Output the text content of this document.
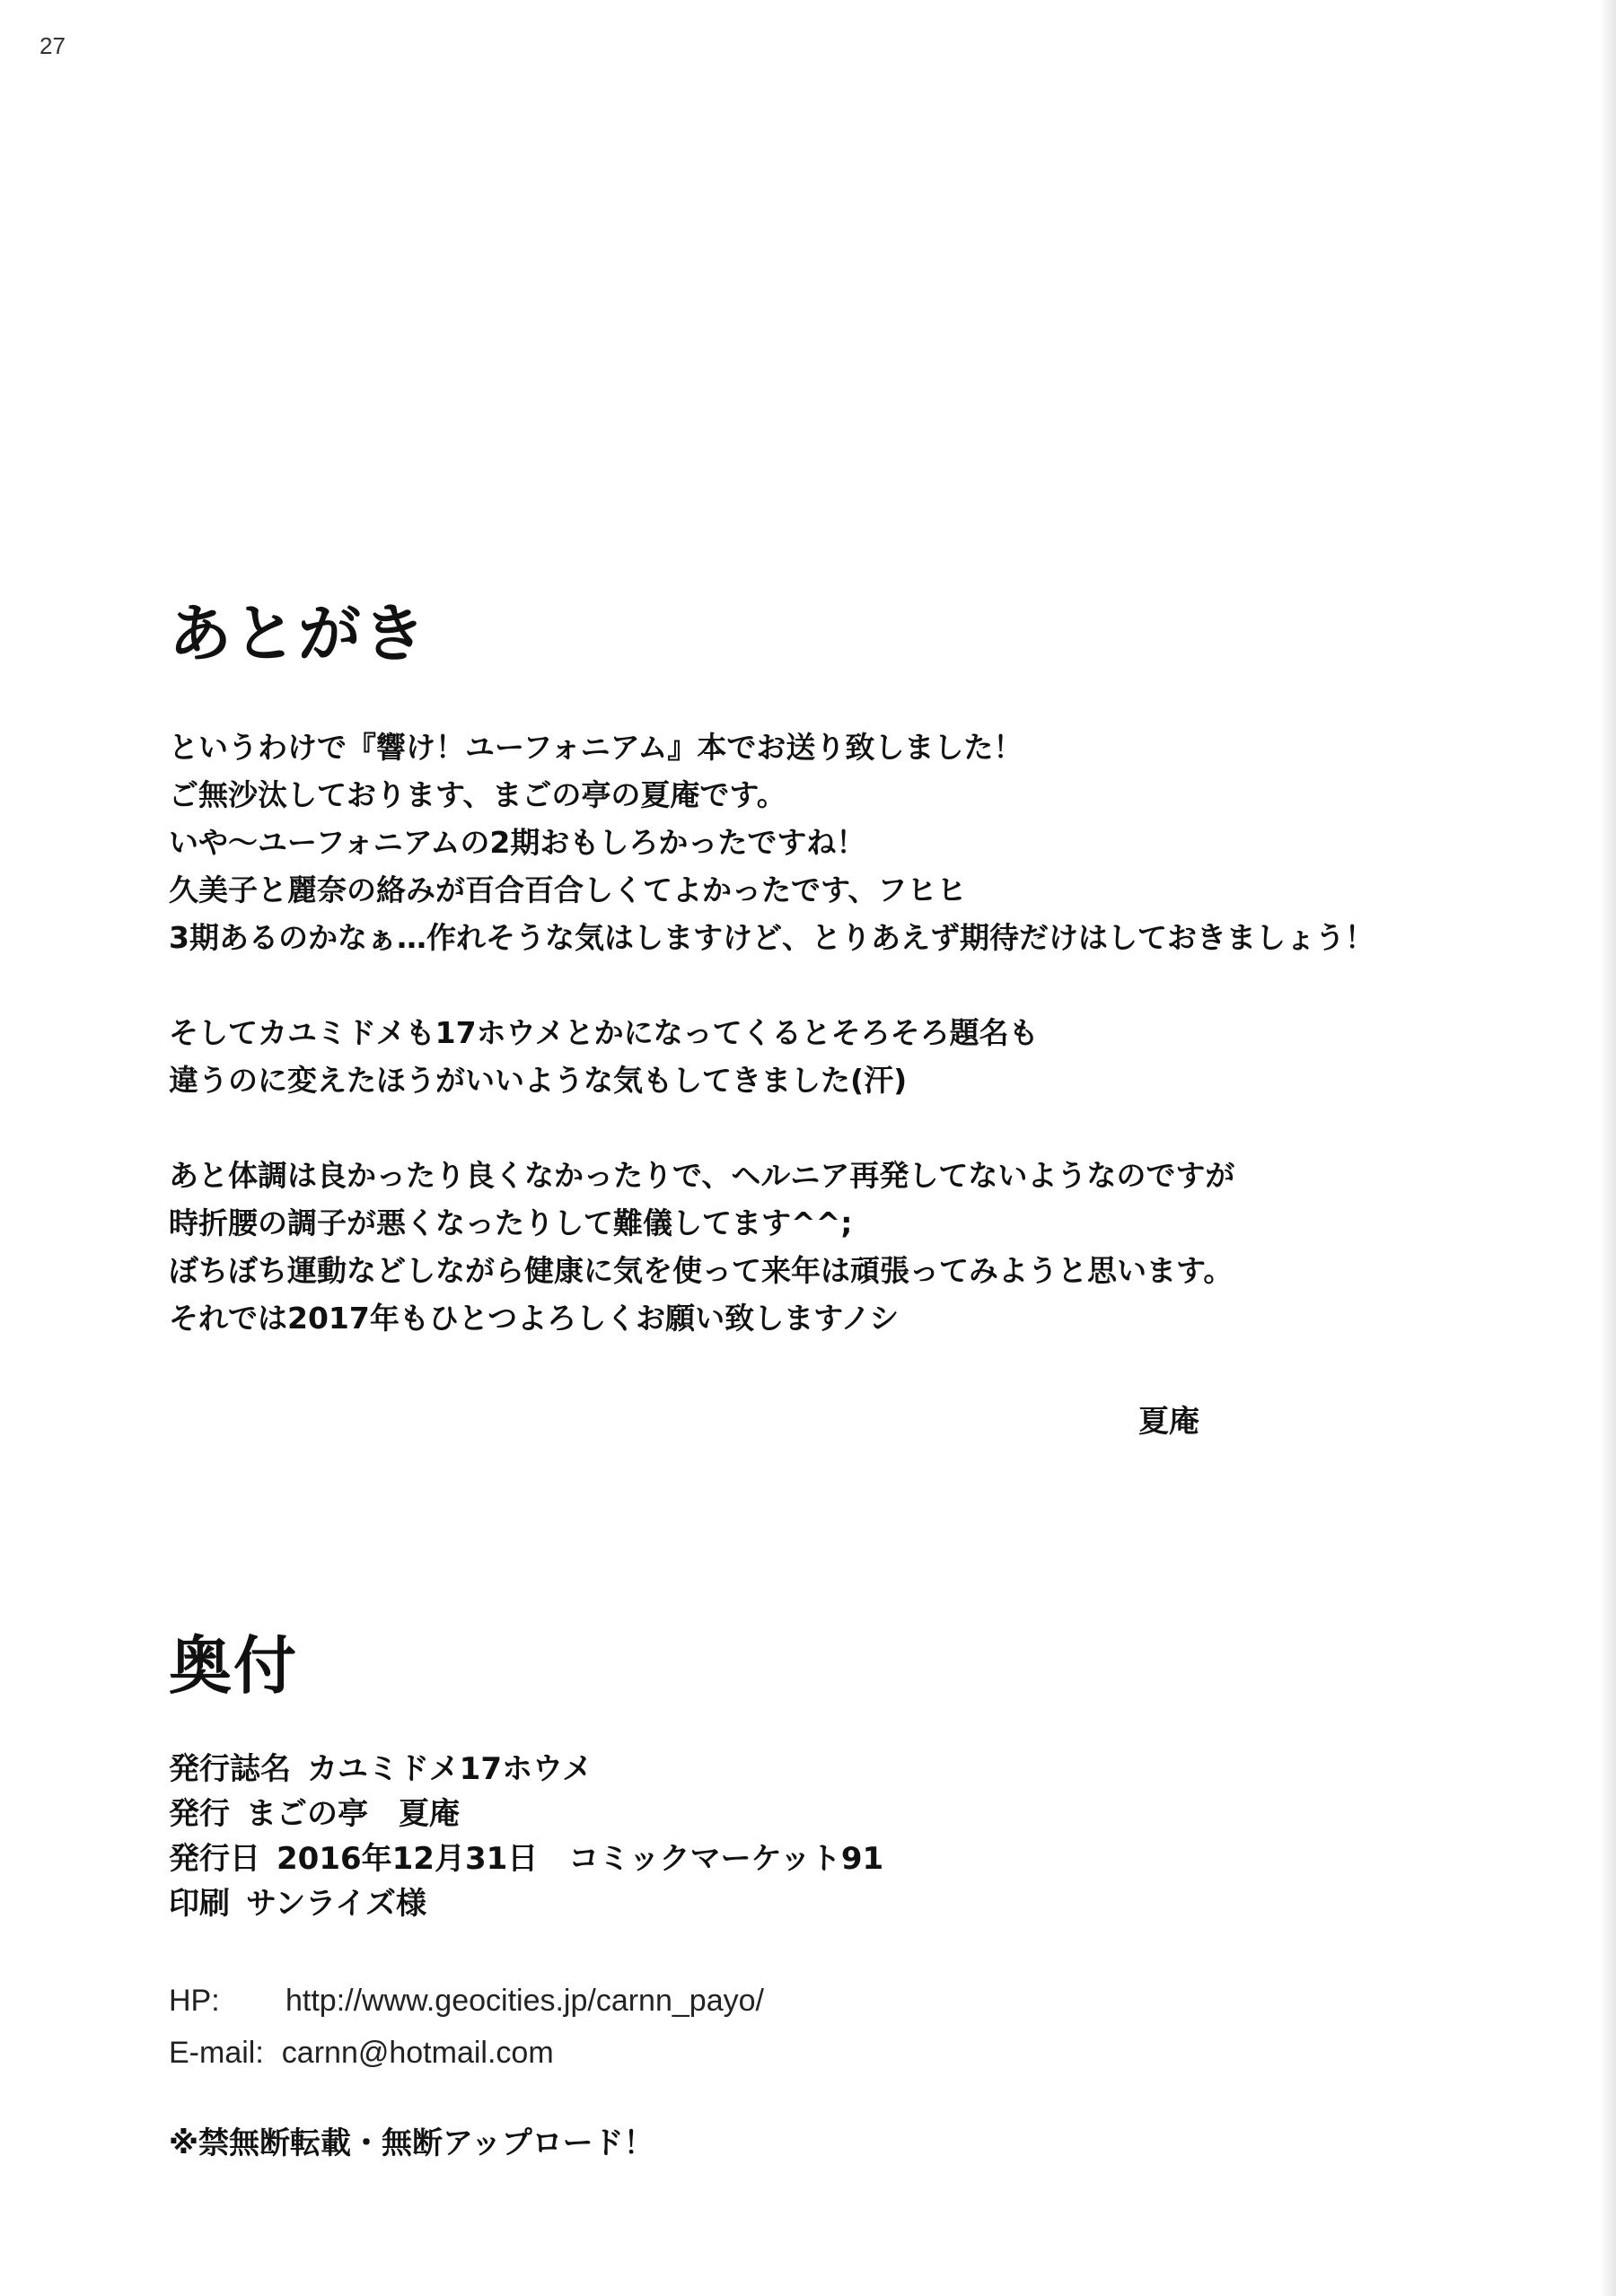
27
あとがき
というわけで『響け！ユーフォニアム』本でお送り致しました！
ご無沙汰しております、まごの亭の夏庵です。
いや～ユーフォニアムの2期おもしろかったですね！
久美子と麗奈の絡みが百合百合しくてよかったです、フヒヒ
3期あるのかなぁ…作れそうな気はしますけど、とりあえず期待だけはしておきましょう！
そしてカユミドメも17ホウメとかになってくるとそろそろ題名も
違うのに変えたほうがいいような気もしてきました(汗)
あと体調は良かったり良くなかったりで、ヘルニア再発してないようなのですが
時折腰の調子が悪くなったりして難儀してます^^;
ぼちぼち運動などしながら健康に気を使って来年は頑張ってみようと思います。
それでは2017年もひとつよろしくお願い致しますノシ
夏庵
奥付
発行誌名 カユミドメ17ホウメ
発行 まごの亭　夏庵
発行日 2016年12月31日　コミックマーケット91
印刷 サンライズ様
HP: http://www.geocities.jp/carnn_payo/
E-mail: carnn@hotmail.com
※禁無断転載・無断アップロード！
